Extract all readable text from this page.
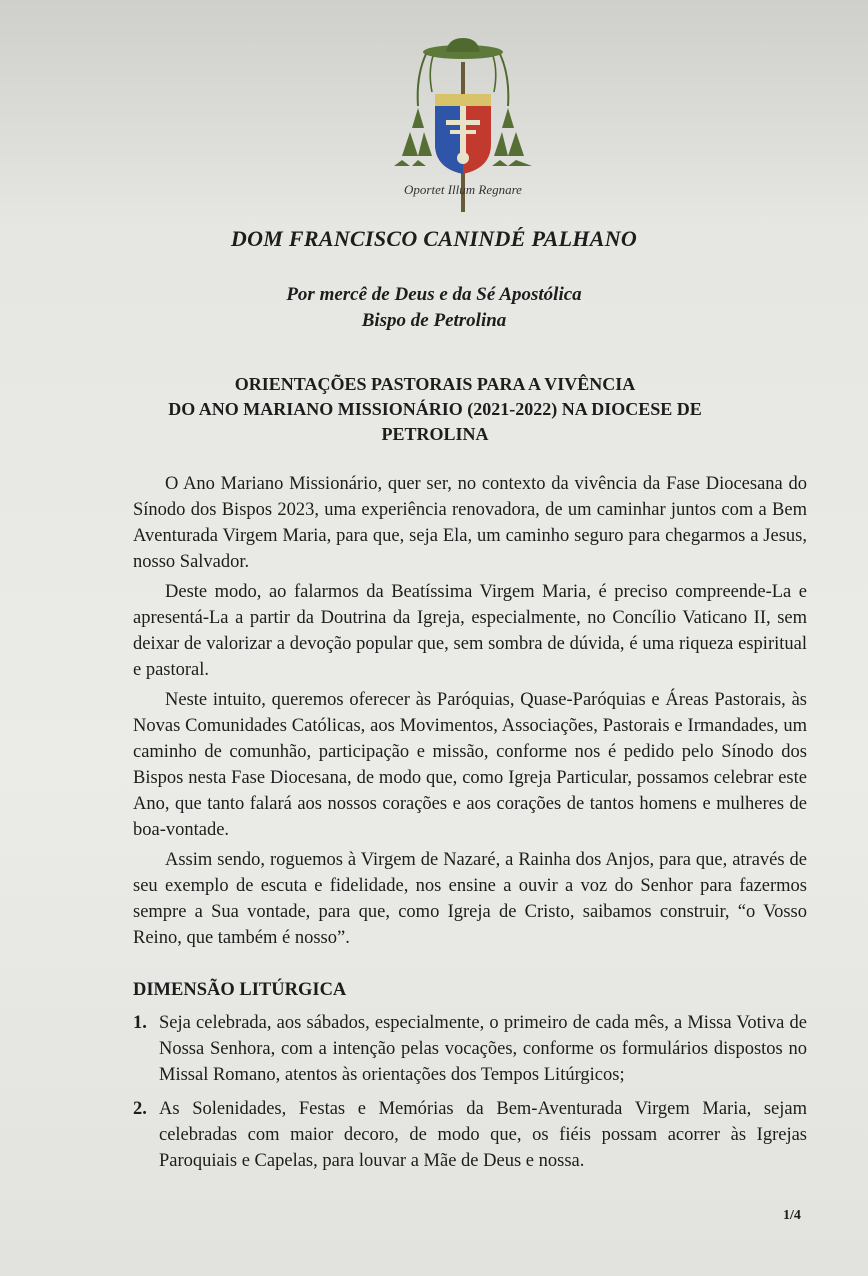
Oportet Illum Regnare
DOM FRANCISCO CANINDÉ PALHANO
Por mercê de Deus e da Sé Apostólica
Bispo de Petrolina
ORIENTAÇÕES PASTORAIS PARA A VIVÊNCIA
DO ANO MARIANO MISSIONÁRIO (2021-2022) NA DIOCESE DE
PETROLINA

O Ano Mariano Missionário, quer ser, no contexto da vivência da Fase Diocesana do Sínodo dos Bispos 2023, uma experiência renovadora, de um caminhar juntos com a Bem Aventurada Virgem Maria, para que, seja Ela, um caminho seguro para chegarmos a Jesus, nosso Salvador.

Deste modo, ao falarmos da Beatíssima Virgem Maria, é preciso compreende-La e apresentá-La a partir da Doutrina da Igreja, especialmente, no Concílio Vaticano II, sem deixar de valorizar a devoção popular que, sem sombra de dúvida, é uma riqueza espiritual e pastoral.

Neste intuito, queremos oferecer às Paróquias, Quase-Paróquias e Áreas Pastorais, às Novas Comunidades Católicas, aos Movimentos, Associações, Pastorais e Irmandades, um caminho de comunhão, participação e missão, conforme nos é pedido pelo Sínodo dos Bispos nesta Fase Diocesana, de modo que, como Igreja Particular, possamos celebrar este Ano, que tanto falará aos nossos corações e aos corações de tantos homens e mulheres de boa-vontade.

Assim sendo, roguemos à Virgem de Nazaré, a Rainha dos Anjos, para que, através de seu exemplo de escuta e fidelidade, nos ensine a ouvir a voz do Senhor para fazermos sempre a Sua vontade, para que, como Igreja de Cristo, saibamos construir, “o Vosso Reino, que também é nosso”.

DIMENSÃO LITÚRGICA
1. Seja celebrada, aos sábados, especialmente, o primeiro de cada mês, a Missa Votiva de Nossa Senhora, com a intenção pelas vocações, conforme os formulários dispostos no Missal Romano, atentos às orientações dos Tempos Litúrgicos;
2. As Solenidades, Festas e Memórias da Bem-Aventurada Virgem Maria, sejam celebradas com maior decoro, de modo que, os fiéis possam acorrer às Igrejas Paroquiais e Capelas, para louvar a Mãe de Deus e nossa.
1/4
